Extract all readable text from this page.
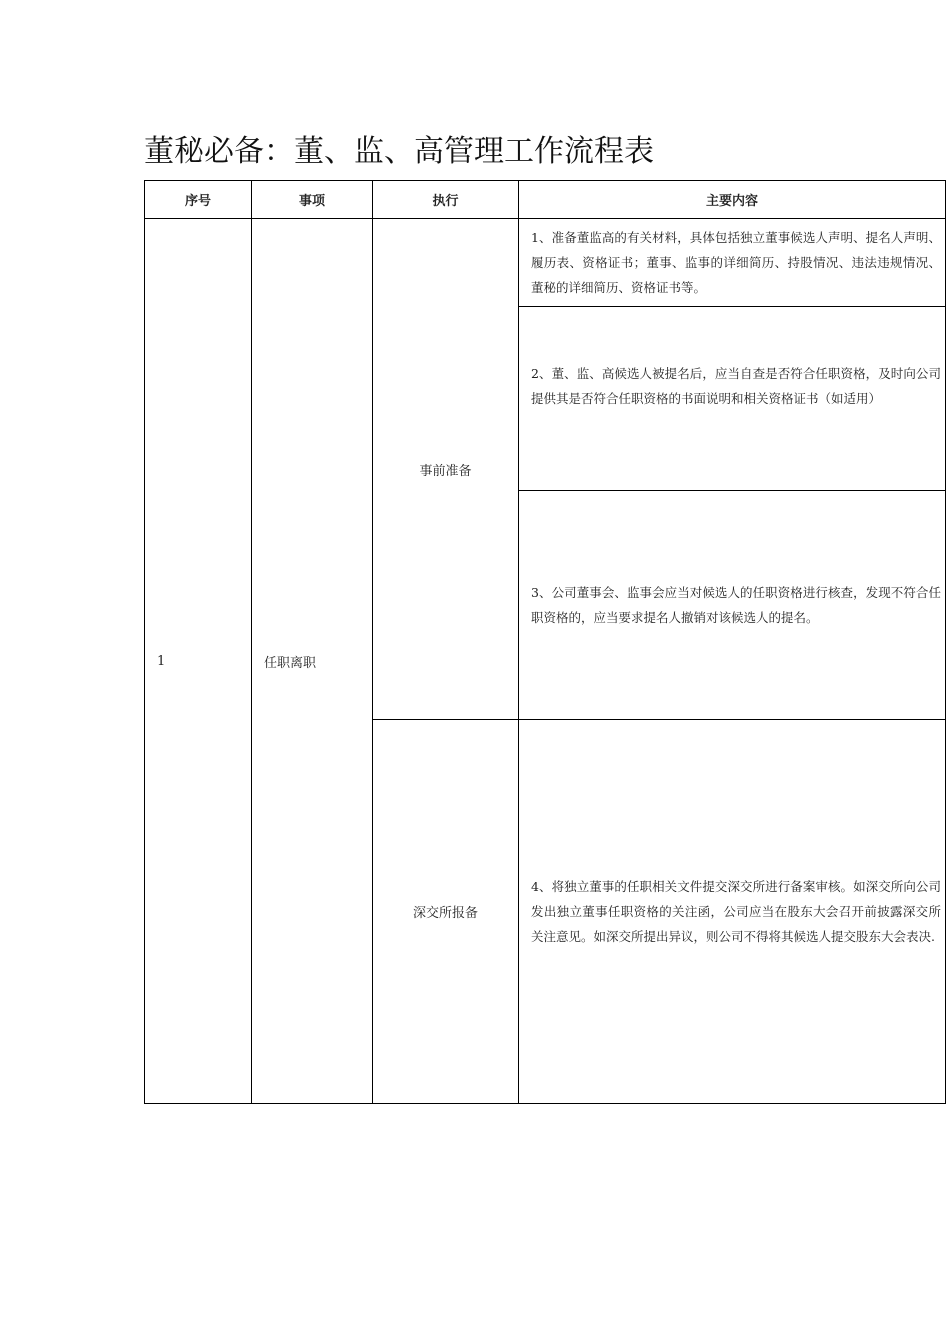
董秘必备：董、监、高管理工作流程表
序号	事项	执行	主要内容
1	任职离职	事前准备	1、准备董监高的有关材料，具体包括独立董事候选人声明、提名人声明、履历表、资格证书；董事、监事的详细简历、持股情况、违法违规情况、董秘的详细简历、资格证书等。

			2、董、监、高候选人被提名后，应当自查是否符合任职资格，及时向公司提供其是否符合任职资格的书面说明和相关资格证书（如适用）

			3、公司董事会、监事会应当对候选人的任职资格进行核查，发现不符合任职资格的，应当要求提名人撤销对该候选人的提名。
		深交所报备	4、将独立董事的任职相关文件提交深交所进行备案审核。如深交所向公司发出独立董事任职资格的关注函，公司应当在股东大会召开前披露深交所关注意见。如深交所提出异议，则公司不得将其候选人提交股东大会表决.
